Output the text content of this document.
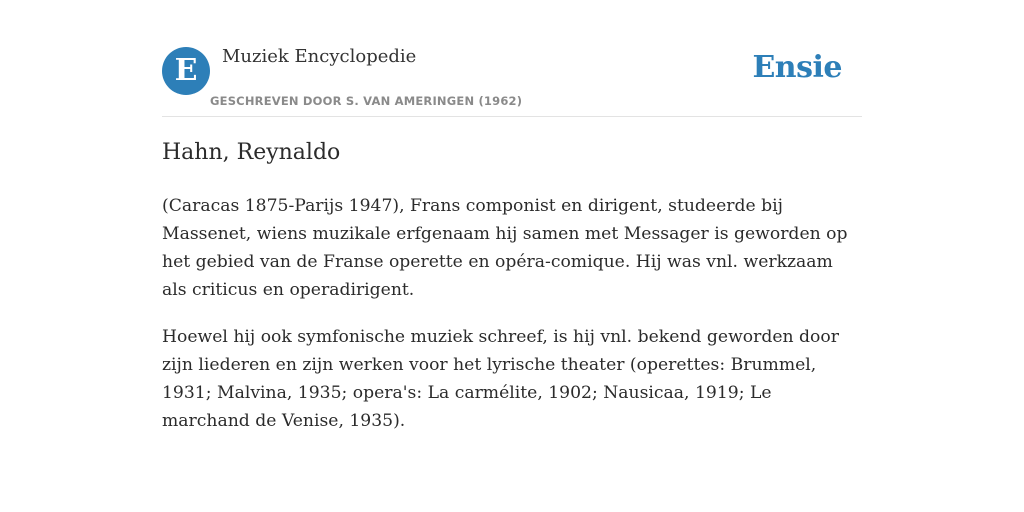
E	Muziek Encyclopedie
GESCHREVEN DOOR S. VAN AMERINGEN (1962)
Ensie
Hahn, Reynaldo

(Caracas 1875-Parijs 1947), Frans componist en dirigent, studeerde bij Massenet, wiens muzikale erfgenaam hij samen met Messager is geworden op het gebied van de Franse operette en opéra-comique. Hij was vnl. werkzaam als criticus en operadirigent.

Hoewel hij ook symfonische muziek schreef, is hij vnl. bekend geworden door zijn liederen en zijn werken voor het lyrische theater (operettes: Brummel, 1931; Malvina, 1935; opera's: La carmélite, 1902; Nausicaa, 1919; Le marchand de Venise, 1935).
